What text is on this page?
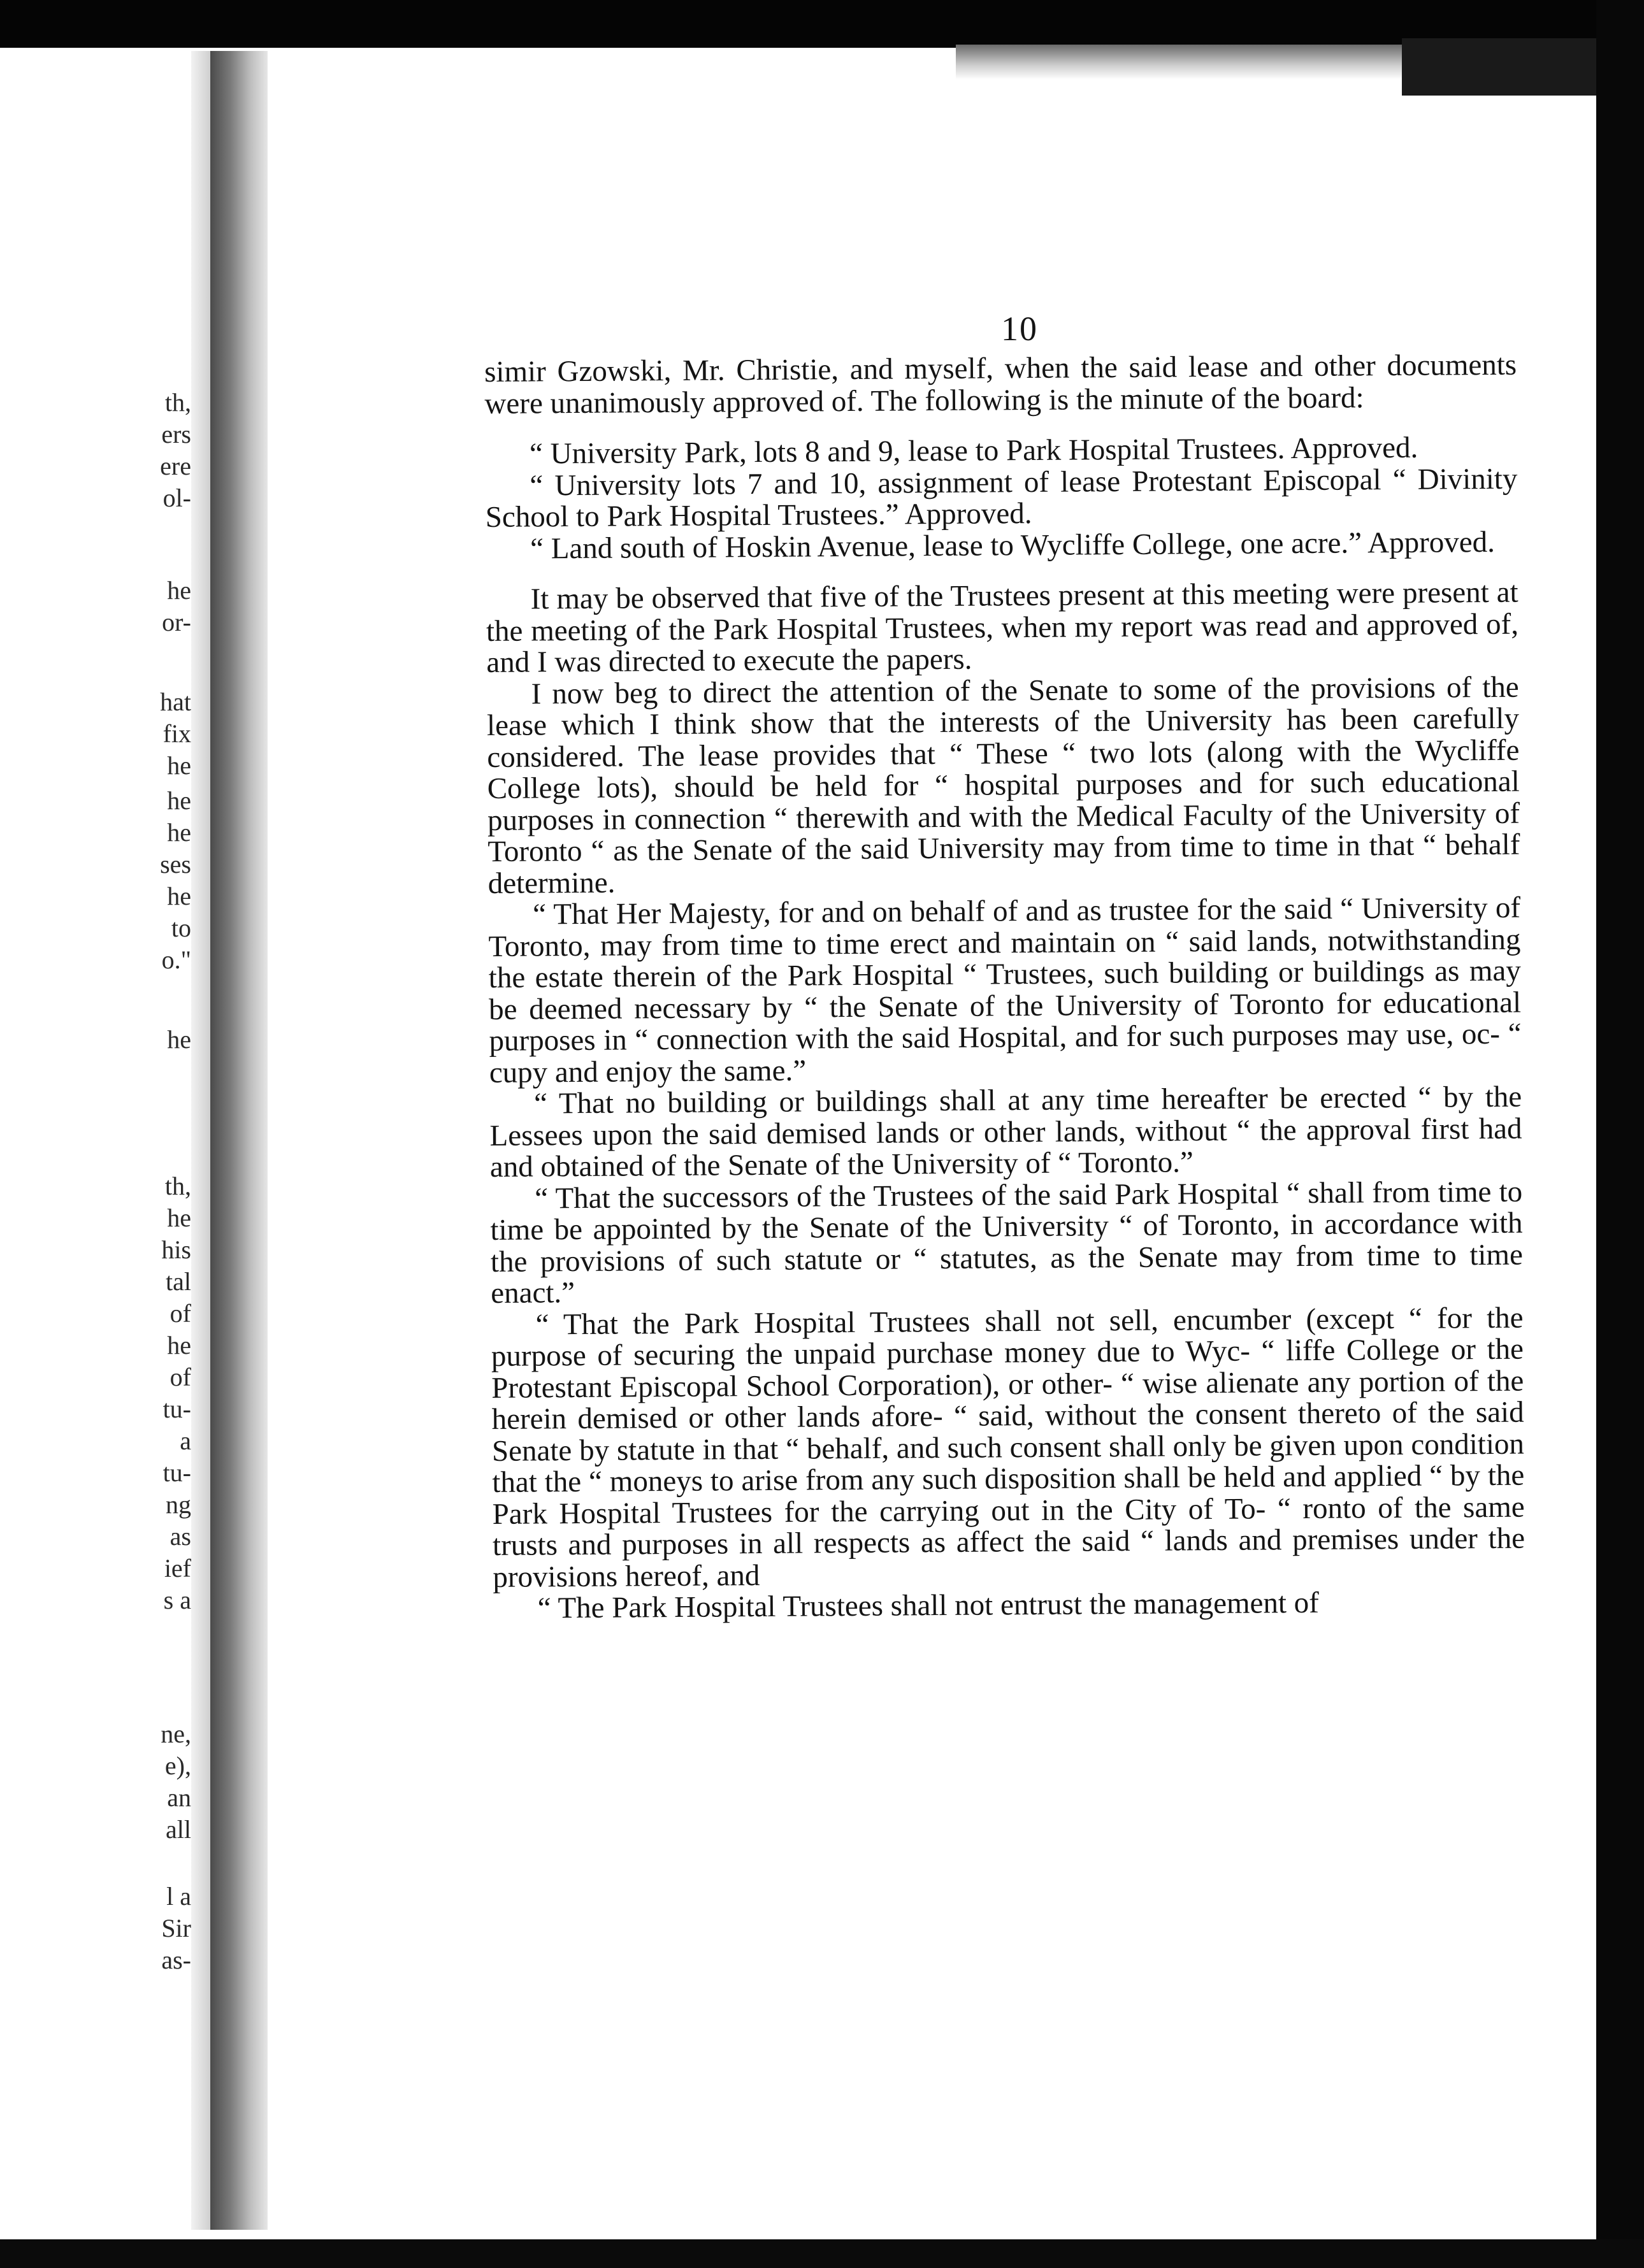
th,
ers
ere
ol-
he
or-
hat
fix
he
he
he
ses
he
to
o."
he
th,
he
his
tal
of
he
of
tu-
a
tu-
ng
as
ief
s a
ne,
e),
an
all
l a
Sir
as-
10

simir Gzowski, Mr. Christie, and myself, when the said lease and other documents were unanimously approved of. The following is the minute of the board:

“ University Park, lots 8 and 9, lease to Park Hospital Trustees. Approved.

“ University lots 7 and 10, assignment of lease Protestant Episcopal “ Divinity School to Park Hospital Trustees.” Approved.

“ Land south of Hoskin Avenue, lease to Wycliffe College, one acre.” Approved.

It may be observed that five of the Trustees present at this meeting were present at the meeting of the Park Hospital Trustees, when my report was read and approved of, and I was directed to execute the papers.

I now beg to direct the attention of the Senate to some of the provisions of the lease which I think show that the interests of the University has been carefully considered. The lease provides that “ These “ two lots (along with the Wycliffe College lots), should be held for “ hospital purposes and for such educational purposes in connection “ therewith and with the Medical Faculty of the University of Toronto “ as the Senate of the said University may from time to time in that “ behalf determine.

“ That Her Majesty, for and on behalf of and as trustee for the said “ University of Toronto, may from time to time erect and maintain on “ said lands, notwithstanding the estate therein of the Park Hospital “ Trustees, such building or buildings as may be deemed necessary by “ the Senate of the University of Toronto for educational purposes in “ connection with the said Hospital, and for such purposes may use, oc- “ cupy and enjoy the same.”

“ That no building or buildings shall at any time hereafter be erected “ by the Lessees upon the said demised lands or other lands, without “ the approval first had and obtained of the Senate of the University of “ Toronto.”

“ That the successors of the Trustees of the said Park Hospital “ shall from time to time be appointed by the Senate of the University “ of Toronto, in accordance with the provisions of such statute or “ statutes, as the Senate may from time to time enact.”

“ That the Park Hospital Trustees shall not sell, encumber (except “ for the purpose of securing the unpaid purchase money due to Wyc- “ liffe College or the Protestant Episcopal School Corporation), or other- “ wise alienate any portion of the herein demised or other lands afore- “ said, without the consent thereto of the said Senate by statute in that “ behalf, and such consent shall only be given upon condition that the “ moneys to arise from any such disposition shall be held and applied “ by the Park Hospital Trustees for the carrying out in the City of To- “ ronto of the same trusts and purposes in all respects as affect the said “ lands and premises under the provisions hereof, and

“ The Park Hospital Trustees shall not entrust the management of
